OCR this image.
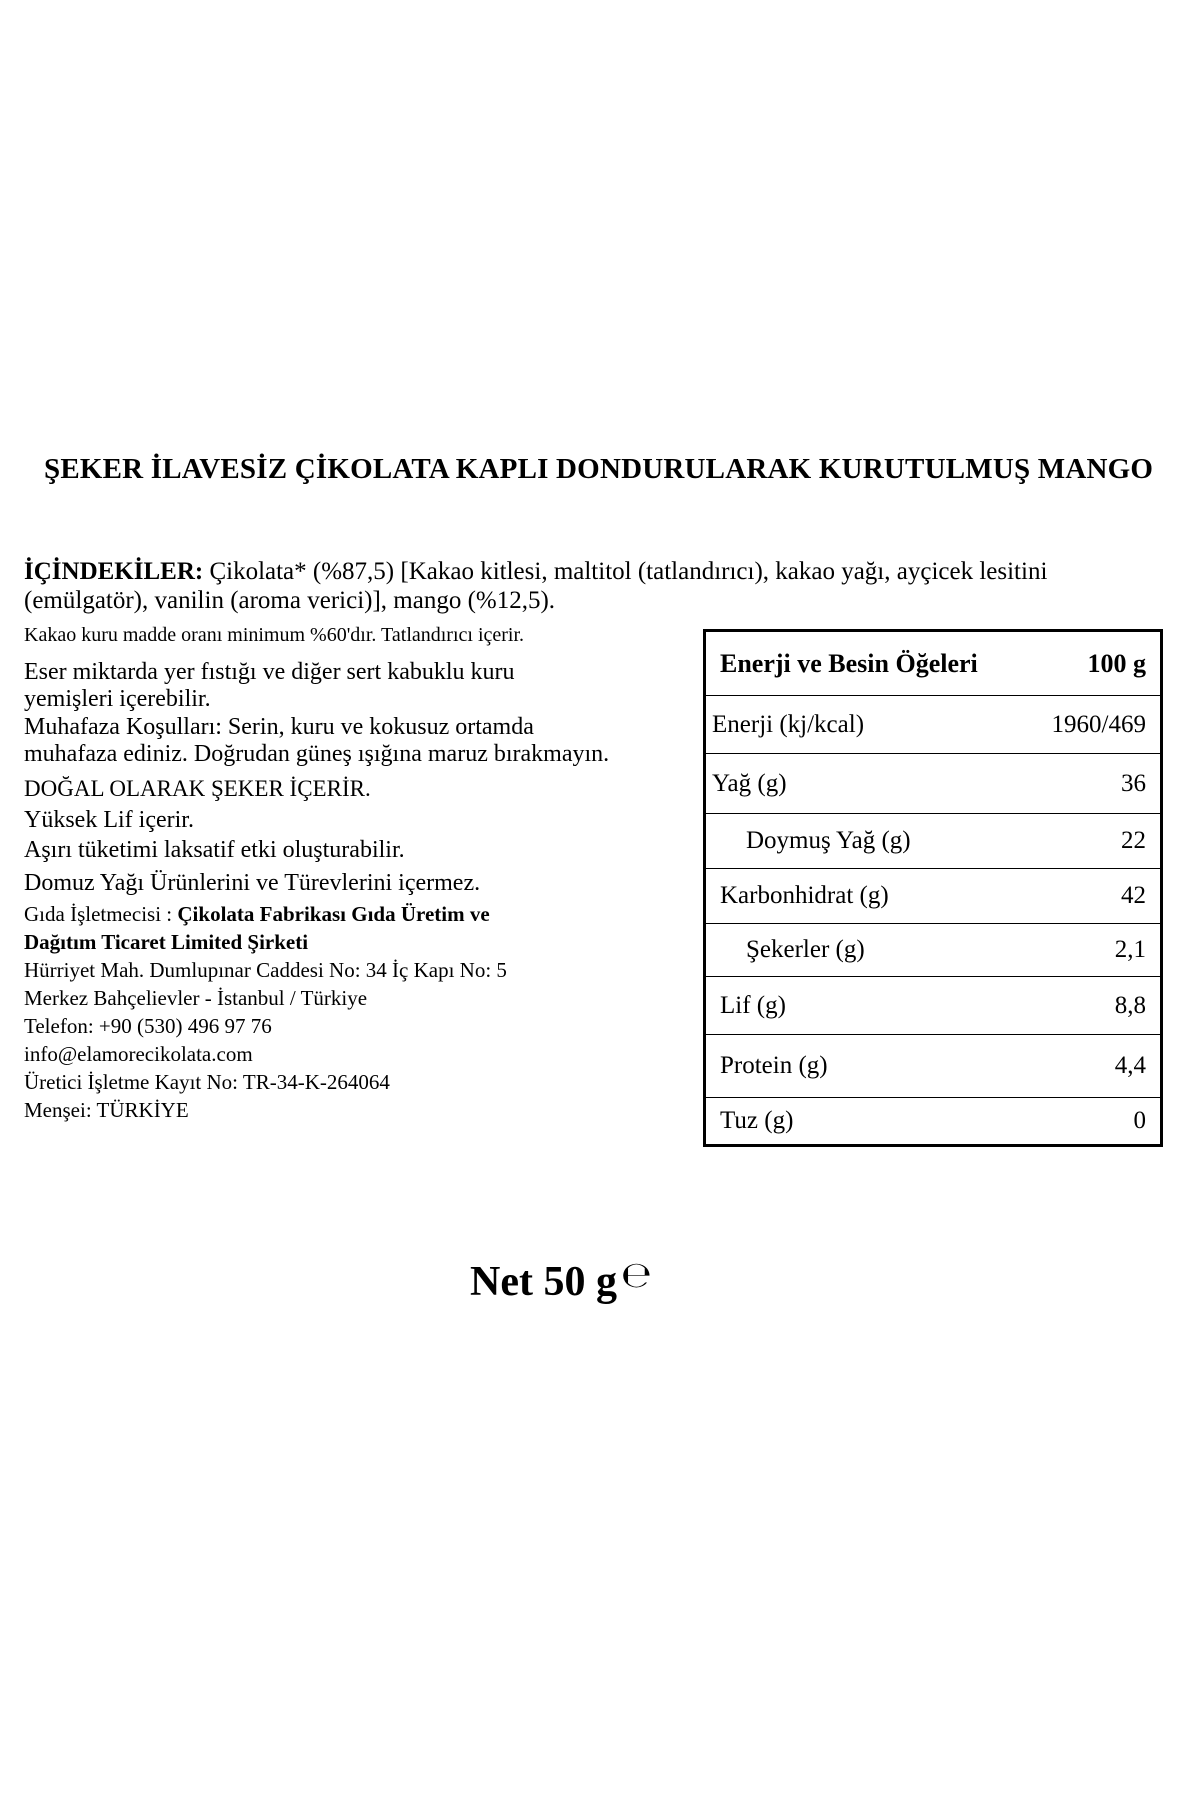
ŞEKER İLAVESİZ ÇİKOLATA KAPLI DONDURULARAK KURUTULMUŞ MANGO
İÇİNDEKİLER: Çikolata* (%87,5) [Kakao kitlesi, maltitol (tatlandırıcı), kakao yağı, ayçicek lesitini (emülgatör), vanilin (aroma verici)], mango (%12,5).
Kakao kuru madde oranı minimum %60'dır. Tatlandırıcı içerir.
Eser miktarda yer fıstığı ve diğer sert kabuklu kuru
yemişleri içerebilir.
Muhafaza Koşulları: Serin, kuru ve kokusuz ortamda
muhafaza ediniz. Doğrudan güneş ışığına maruz bırakmayın.
DOĞAL OLARAK ŞEKER İÇERİR.
Yüksek Lif içerir.
Aşırı tüketimi laksatif etki oluşturabilir.
Domuz Yağı Ürünlerini ve Türevlerini içermez.
Gıda İşletmecisi : Çikolata Fabrikası Gıda Üretim ve
Dağıtım Ticaret Limited Şirketi
Hürriyet Mah. Dumlupınar Caddesi No: 34 İç Kapı No: 5
Merkez Bahçelievler - İstanbul / Türkiye
Telefon: +90 (530) 496 97 76
info@elamorecikolata.com
Üretici İşletme Kayıt No: TR-34-K-264064
Menşei: TÜRKİYE
Enerji ve Besin Öğeleri	100 g
Enerji (kj/kcal)	1960/469
Yağ (g)	36
Doymuş Yağ (g)	22
Karbonhidrat (g)	42
Şekerler (g)	2,1
Lif (g)	8,8
Protein (g)	4,4
Tuz (g)	0
Net 50 g ℮
